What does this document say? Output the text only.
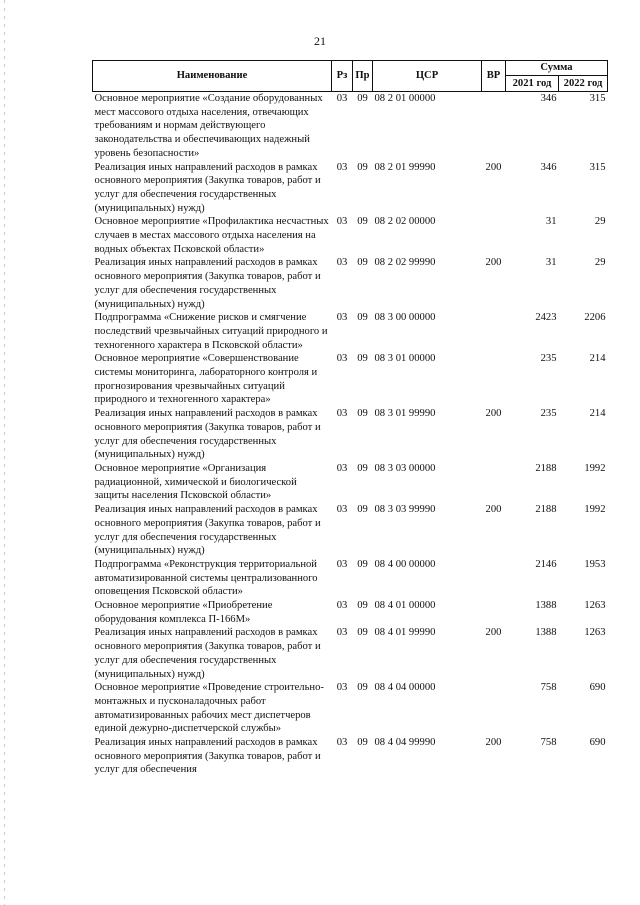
21
Наименование	Рз	Пр	ЦСР	ВР	Сумма	
					2021 год	2022 год
Основное мероприятие «Создание оборудованных мест массового отдыха населения, отвечающих требованиям и нормам действующего законодательства и обеспечивающих надежный уровень безопасности»	03	09	08 2 01 00000		346	315
Реализация иных направлений расходов в рамках основного мероприятия (Закупка товаров, работ и услуг для обеспечения государственных (муниципальных) нужд)	03	09	08 2 01 99990	200	346	315
Основное мероприятие «Профилактика несчастных случаев в местах массового отдыха населения на водных объектах Псковской области»	03	09	08 2 02 00000		31	29
Реализация иных направлений расходов в рамках основного мероприятия (Закупка товаров, работ и услуг для обеспечения государственных (муниципальных) нужд)	03	09	08 2 02 99990	200	31	29
Подпрограмма «Снижение рисков и смягчение последствий чрезвычайных ситуаций природного и техногенного характера в Псковской области»	03	09	08 3 00 00000		2423	2206
Основное мероприятие «Совершенствование системы мониторинга, лабораторного контроля и прогнозирования чрезвычайных ситуаций природного и техногенного характера»	03	09	08 3 01 00000		235	214
Реализация иных направлений расходов в рамках основного мероприятия (Закупка товаров, работ и услуг для обеспечения государственных (муниципальных) нужд)	03	09	08 3 01 99990	200	235	214
Основное мероприятие «Организация радиационной, химической и биологической защиты населения Псковской области»	03	09	08 3 03 00000		2188	1992
Реализация иных направлений расходов в рамках основного мероприятия (Закупка товаров, работ и услуг для обеспечения государственных (муниципальных) нужд)	03	09	08 3 03 99990	200	2188	1992
Подпрограмма «Реконструкция территориальной автоматизированной системы централизованного оповещения Псковской области»	03	09	08 4 00 00000		2146	1953
Основное мероприятие «Приобретение оборудования комплекса П-166М»	03	09	08 4 01 00000		1388	1263
Реализация иных направлений расходов в рамках основного мероприятия (Закупка товаров, работ и услуг для обеспечения государственных (муниципальных) нужд)	03	09	08 4 01 99990	200	1388	1263
Основное мероприятие «Проведение строительно-монтажных и пусконаладочных работ автоматизированных рабочих мест диспетчеров единой дежурно-диспетчерской службы»	03	09	08 4 04 00000		758	690
Реализация иных направлений расходов в рамках основного мероприятия (Закупка товаров, работ и услуг для обеспечения	03	09	08 4 04 99990	200	758	690
